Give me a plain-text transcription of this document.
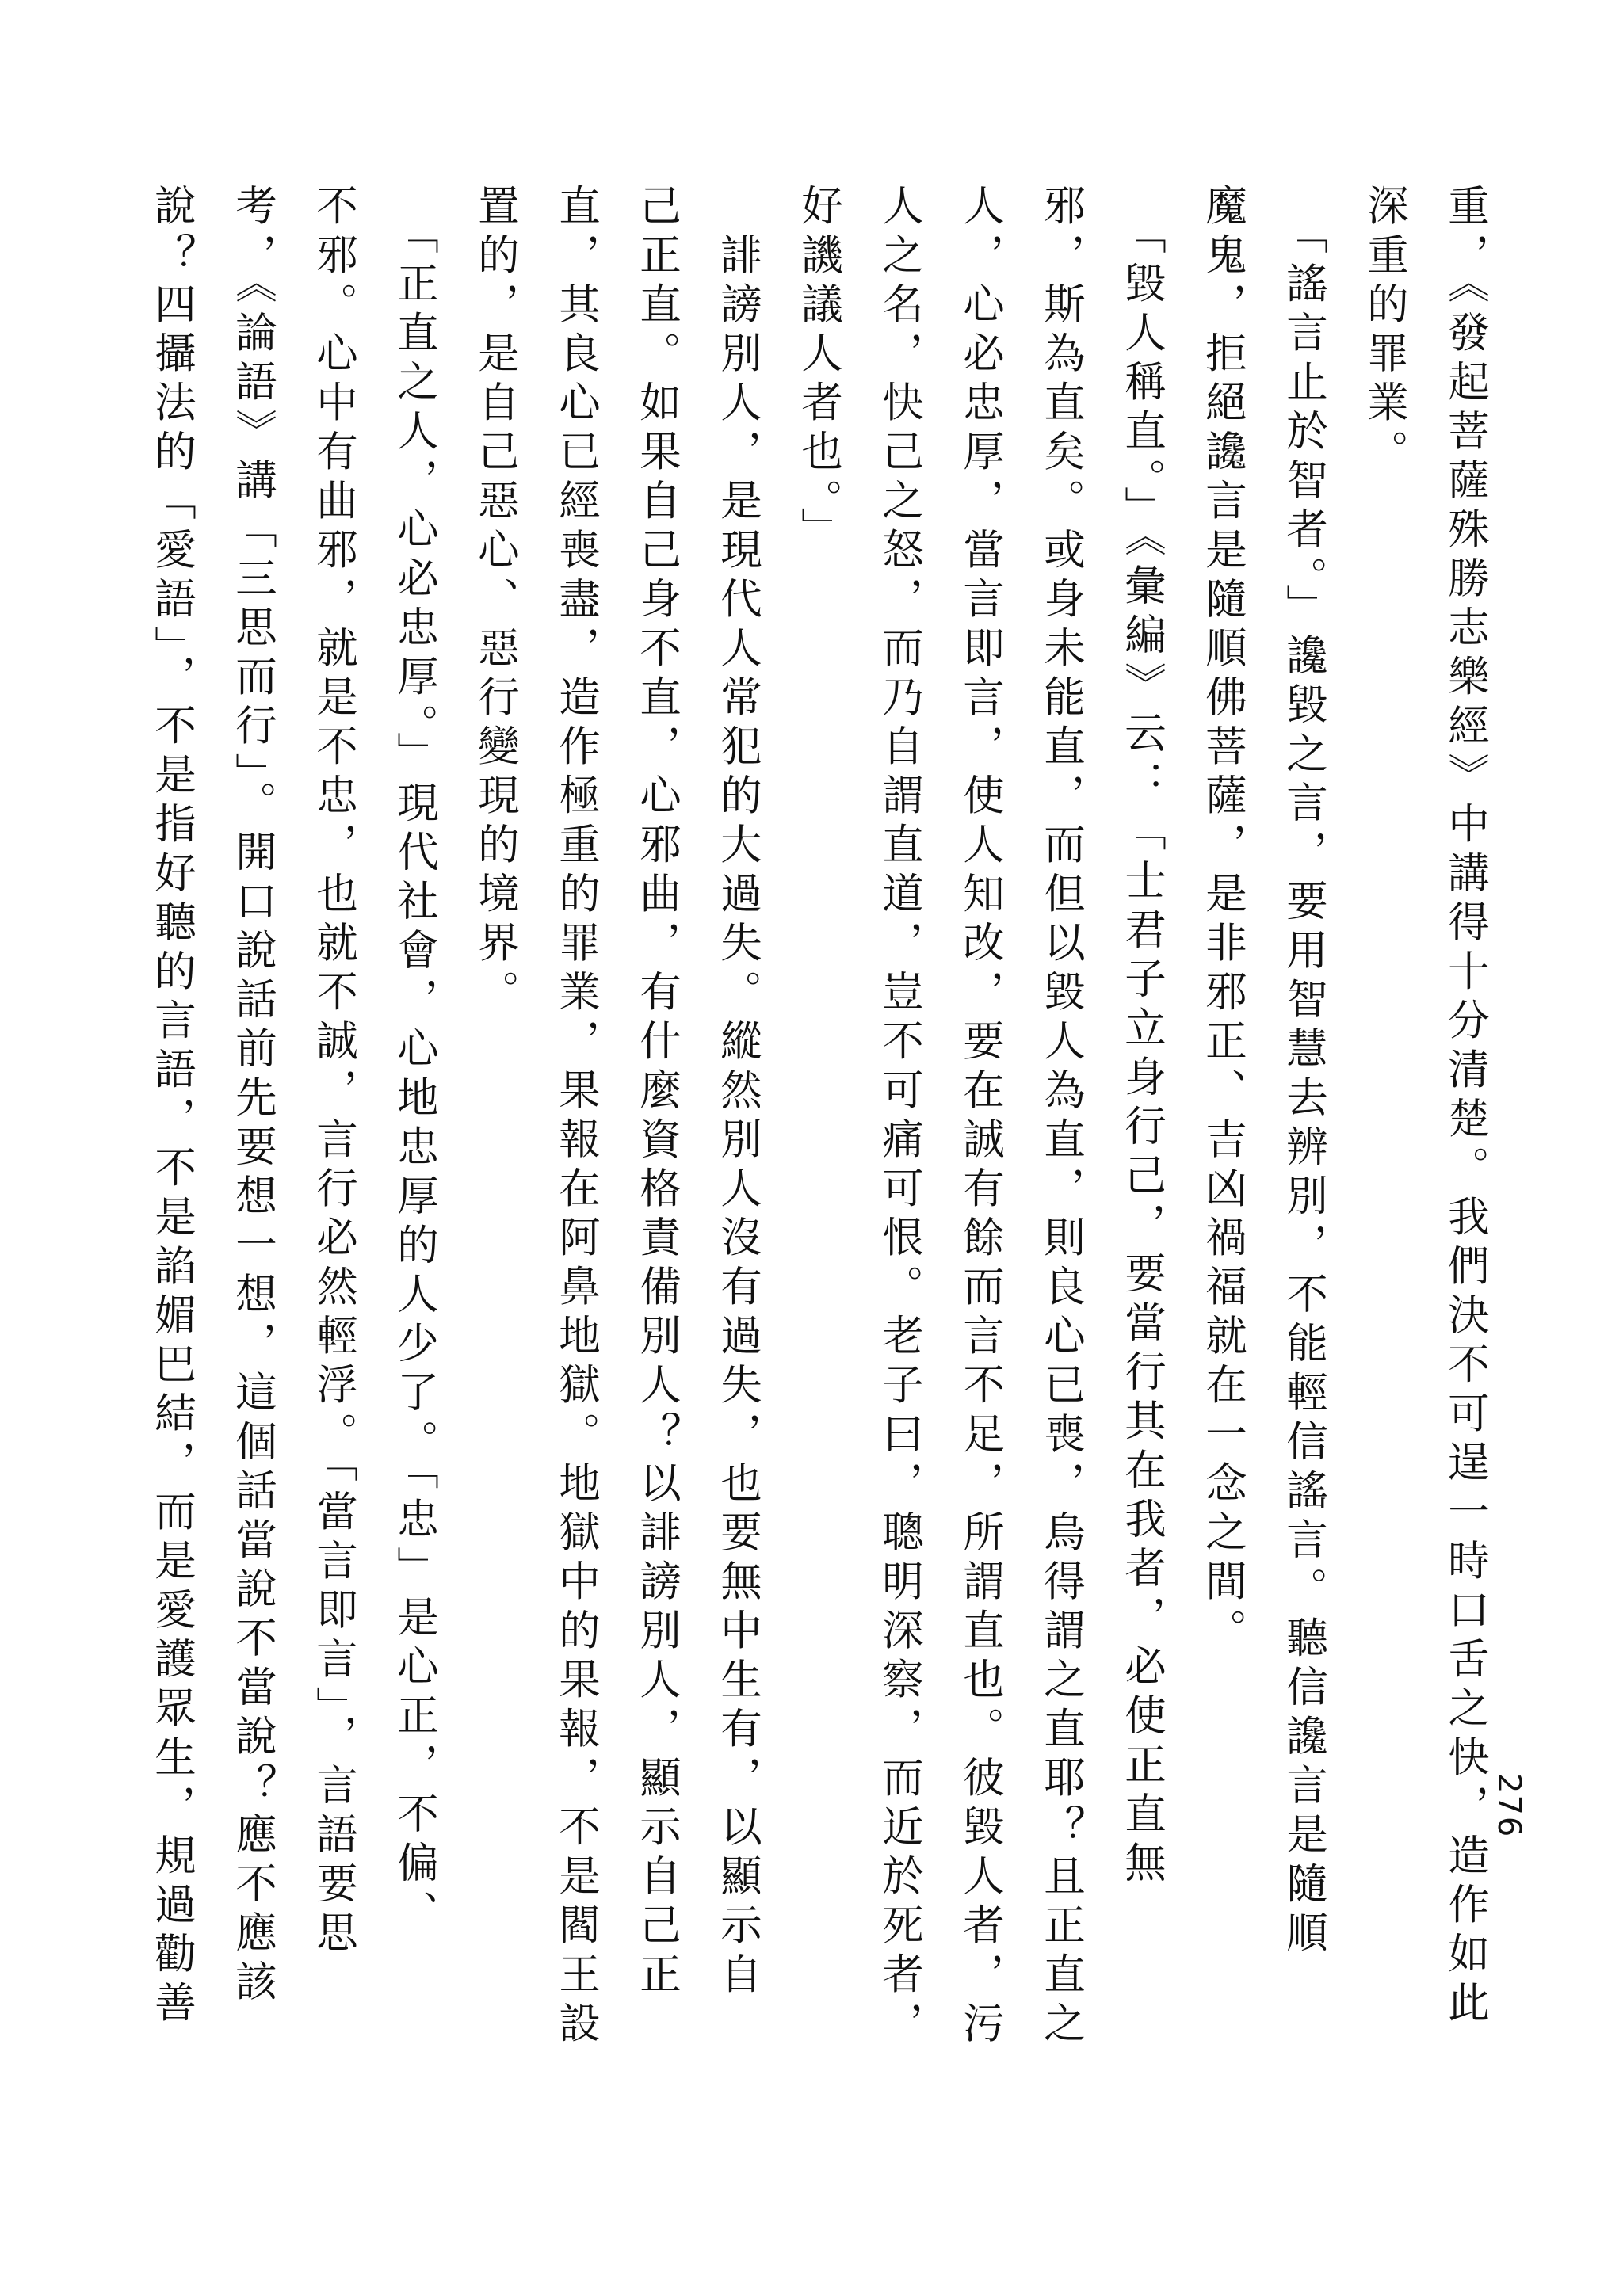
276

重，《發起菩薩殊勝志樂經》中講得十分清楚。我們決不可逞一時口舌之快，造作如此

深重的罪業。

　「謠言止於智者。」讒毀之言，要用智慧去辨別，不能輕信謠言。聽信讒言是隨順

魔鬼，拒絕讒言是隨順佛菩薩，是非邪正、吉凶禍福就在一念之間。

　「毀人稱直。」《彙編》云：「士君子立身行己，要當行其在我者，必使正直無

邪，斯為直矣。或身未能直，而但以毀人為直，則良心已喪，烏得謂之直耶？且正直之

人，心必忠厚，當言即言，使人知改，要在誠有餘而言不足，所謂直也。彼毀人者，污

人之名，快己之怒，而乃自謂直道，豈不可痛可恨。老子曰，聰明深察，而近於死者，

好譏議人者也。」

　誹謗別人，是現代人常犯的大過失。縱然別人沒有過失，也要無中生有，以顯示自

己正直。如果自己身不直，心邪曲，有什麼資格責備別人？以誹謗別人，顯示自己正

直，其良心已經喪盡，造作極重的罪業，果報在阿鼻地獄。地獄中的果報，不是閻王設

置的，是自己惡心、惡行變現的境界。

　「正直之人，心必忠厚。」現代社會，心地忠厚的人少了。「忠」是心正，不偏、

不邪。心中有曲邪，就是不忠，也就不誠，言行必然輕浮。「當言即言」，言語要思

考，《論語》講「三思而行」。開口說話前先要想一想，這個話當說不當說？應不應該

說？四攝法的「愛語」，不是指好聽的言語，不是諂媚巴結，而是愛護眾生，規過勸善
